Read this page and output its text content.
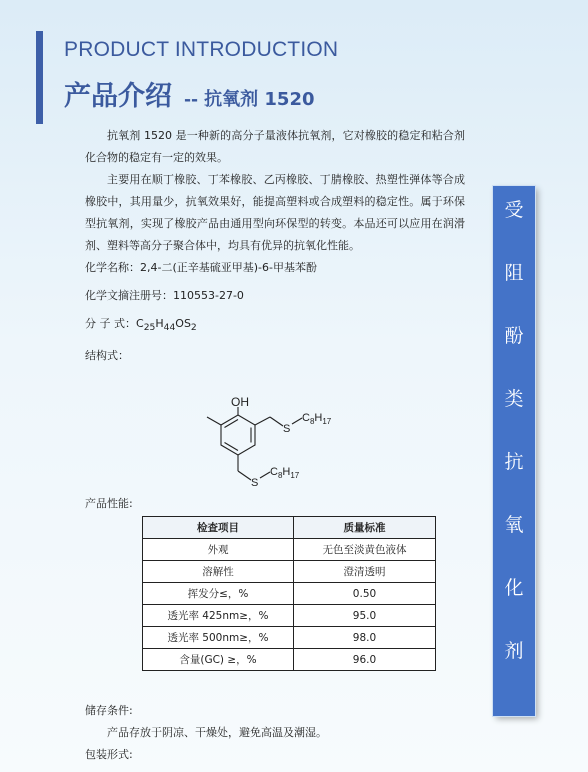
PRODUCT INTRODUCTION
产品介绍 -- 抗氧剂 1520

抗氧剂 1520 是一种新的高分子量液体抗氧剂，它对橡胶的稳定和粘合剂化合物的稳定有一定的效果。

主要用在顺丁橡胶、丁苯橡胶、乙丙橡胶、丁腈橡胶、热塑性弹体等合成橡胶中，其用量少，抗氧效果好，能提高塑料或合成塑料的稳定性。属于环保型抗氧剂，实现了橡胶产品由通用型向环保型的转变。本品还可以应用在润滑剂、塑料等高分子聚合体中，均具有优异的抗氧化性能。

化学名称：2,4-二(正辛基硫亚甲基)-6-甲基苯酚

化学文摘注册号：110553-27-0

分 子 式：$C_{25}H_{44}OS_2$

结构式：

OH
S
$C_8H_{17}$
S
$C_8H_{17}$
产品性能:
检查项目	质量标准
外观	无色至淡黄色液体
溶解性	澄清透明
挥发分≤，%	0.50
透光率 425nm≥，%	95.0
透光率 500nm≥，%	98.0
含量(GC) ≥，%	96.0

储存条件:

产品存放于阴凉、干燥处，避免高温及潮湿。

包装形式:

受
阻
酚
类
抗
氧
化
剂
